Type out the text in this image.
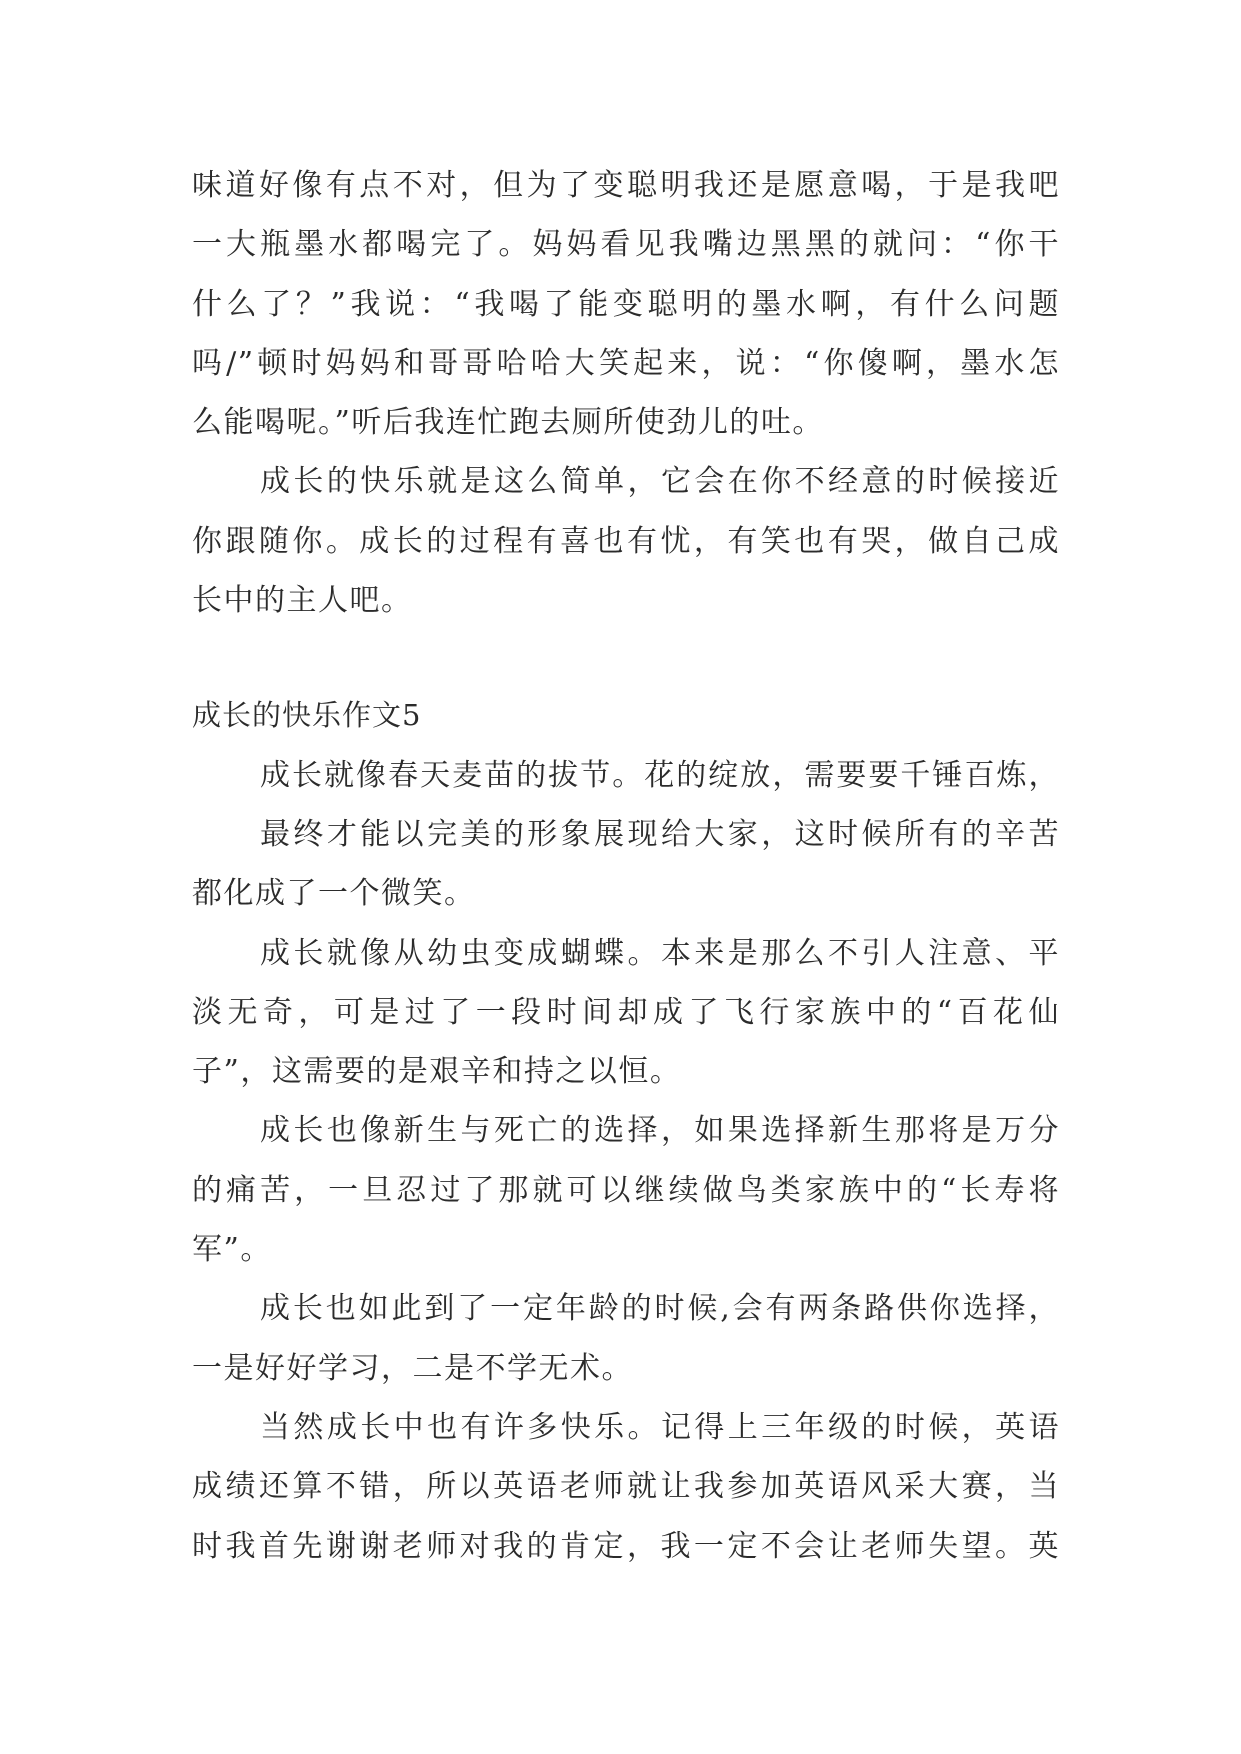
味道好像有点不对，但为了变聪明我还是愿意喝，于是我吧
一大瓶墨水都喝完了。妈妈看见我嘴边黑黑的就问：“你干
什么了？”我说：“我喝了能变聪明的墨水啊，有什么问题
吗/”顿时妈妈和哥哥哈哈大笑起来，说：“你傻啊，墨水怎
么能喝呢。”听后我连忙跑去厕所使劲儿的吐。
成长的快乐就是这么简单，它会在你不经意的时候接近
你跟随你。成长的过程有喜也有忧，有笑也有哭，做自己成
长中的主人吧。
成长的快乐作文5
成长就像春天麦苗的拔节。花的绽放，需要要千锤百炼，
最终才能以完美的形象展现给大家，这时候所有的辛苦
都化成了一个微笑。
成长就像从幼虫变成蝴蝶。本来是那么不引人注意、平
淡无奇，可是过了一段时间却成了飞行家族中的“百花仙
子”，这需要的是艰辛和持之以恒。
成长也像新生与死亡的选择，如果选择新生那将是万分
的痛苦，一旦忍过了那就可以继续做鸟类家族中的“长寿将
军”。
成长也如此到了一定年龄的时候,会有两条路供你选择，
一是好好学习，二是不学无术。
当然成长中也有许多快乐。记得上三年级的时候，英语
成绩还算不错，所以英语老师就让我参加英语风采大赛，当
时我首先谢谢老师对我的肯定，我一定不会让老师失望。英
